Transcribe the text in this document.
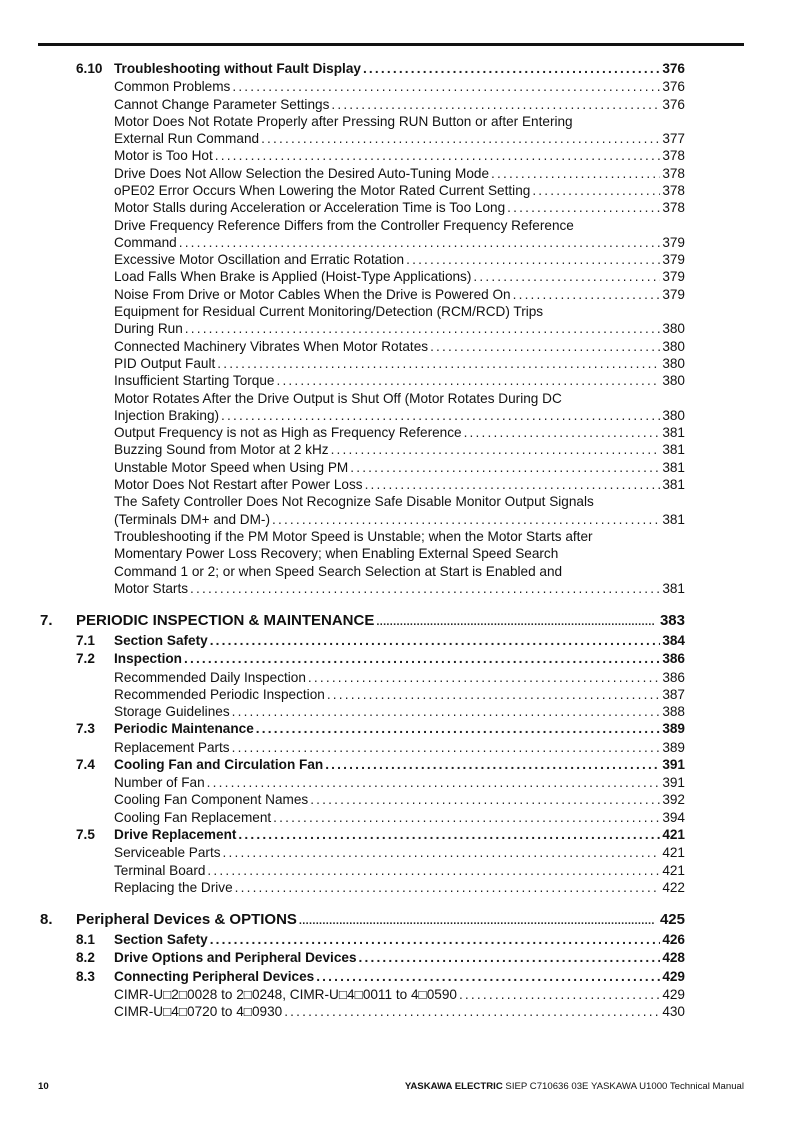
6.10 Troubleshooting without Fault Display .....	376
Common Problems .....	376
Cannot Change Parameter Settings .....	376
Motor Does Not Rotate Properly after Pressing RUN Button or after Entering
External Run Command .....	377
Motor is Too Hot .....	378
Drive Does Not Allow Selection the Desired Auto-Tuning Mode .....	378
oPE02 Error Occurs When Lowering the Motor Rated Current Setting .....	378
Motor Stalls during Acceleration or Acceleration Time is Too Long .....	378
Drive Frequency Reference Differs from the Controller Frequency Reference
Command .....	379
Excessive Motor Oscillation and Erratic Rotation .....	379
Load Falls When Brake is Applied (Hoist-Type Applications) .....	379
Noise From Drive or Motor Cables When the Drive is Powered On .....	379
Equipment for Residual Current Monitoring/Detection (RCM/RCD) Trips
During Run .....	380
Connected Machinery Vibrates When Motor Rotates .....	380
PID Output Fault .....	380
Insufficient Starting Torque .....	380
Motor Rotates After the Drive Output is Shut Off (Motor Rotates During DC
Injection Braking) .....	380
Output Frequency is not as High as Frequency Reference .....	381
Buzzing Sound from Motor at 2 kHz .....	381
Unstable Motor Speed when Using PM .....	381
Motor Does Not Restart after Power Loss .....	381
The Safety Controller Does Not Recognize Safe Disable Monitor Output Signals
(Terminals DM+ and DM-) .....	381
Troubleshooting if the PM Motor Speed is Unstable; when the Motor Starts after
Momentary Power Loss Recovery; when Enabling External Speed Search
Command 1 or 2; or when Speed Search Selection at Start is Enabled and
Motor Starts .....	381
7.	PERIODIC INSPECTION & MAINTENANCE .....	383
7.1	Section Safety .....	384
7.2	Inspection .....	386
Recommended Daily Inspection .....	386
Recommended Periodic Inspection .....	387
Storage Guidelines .....	388
7.3	Periodic Maintenance .....	389
Replacement Parts .....	389
7.4	Cooling Fan and Circulation Fan .....	391
Number of Fan .....	391
Cooling Fan Component Names .....	392
Cooling Fan Replacement .....	394
7.5	Drive Replacement .....	421
Serviceable Parts .....	421
Terminal Board .....	421
Replacing the Drive .....	422
8.	Peripheral Devices & OPTIONS .....	425
8.1	Section Safety .....	426
8.2	Drive Options and Peripheral Devices .....	428
8.3	Connecting Peripheral Devices .....	429
CIMR-U□2□0028 to 2□0248, CIMR-U□4□0011 to 4□0590 .....	429
CIMR-U□4□0720 to 4□0930 .....	430
10	YASKAWA ELECTRIC SIEP C710636 03E YASKAWA U1000 Technical Manual
